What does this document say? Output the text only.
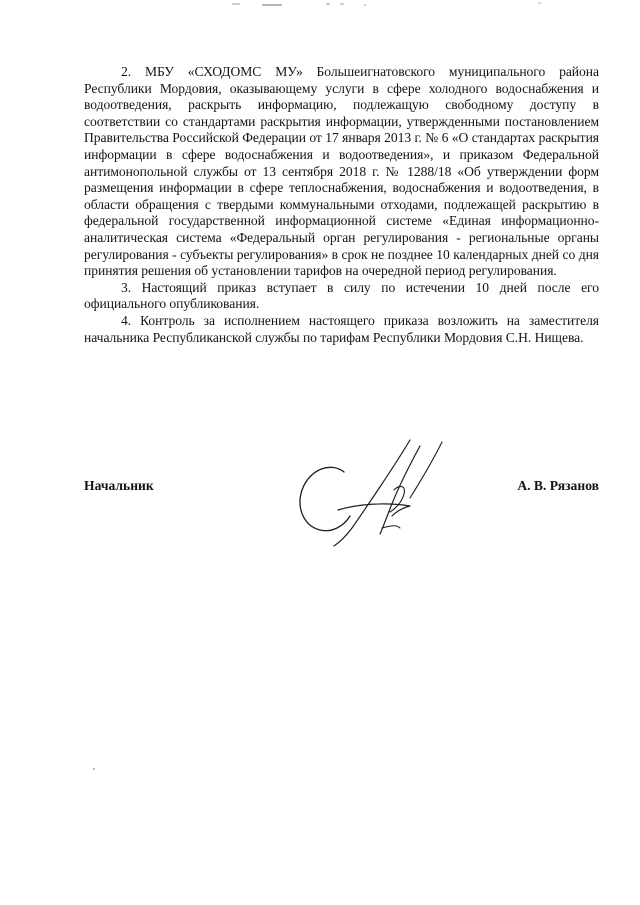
2. МБУ «СХОДОМС МУ» Большеигнатовского муниципального района Республики Мордовия, оказывающему услуги в сфере холодного водоснабжения и водоотведения, раскрыть информацию, подлежащую свободному доступу в соответствии со стандартами раскрытия информации, утвержденными постановлением Правительства Российской Федерации от 17 января 2013 г. № 6 «О стандартах раскрытия информации в сфере водоснабжения и водоотведения», и приказом Федеральной антимонопольной службы от 13 сентября 2018 г. № 1288/18 «Об утверждении форм размещения информации в сфере теплоснабжения, водоснабжения и водоотведения, в области обращения с твердыми коммунальными отходами, подлежащей раскрытию в федеральной государственной информационной системе «Единая информационно-аналитическая система «Федеральный орган регулирования - региональные органы регулирования - субъекты регулирования» в срок не позднее 10 календарных дней со дня принятия решения об установлении тарифов на очередной период регулирования.

3. Настоящий приказ вступает в силу по истечении 10 дней после его официального опубликования.

4. Контроль за исполнением настоящего приказа возложить на заместителя начальника Республиканской службы по тарифам Республики Мордовия С.Н. Нищева.

Начальник	А. В. Рязанов
